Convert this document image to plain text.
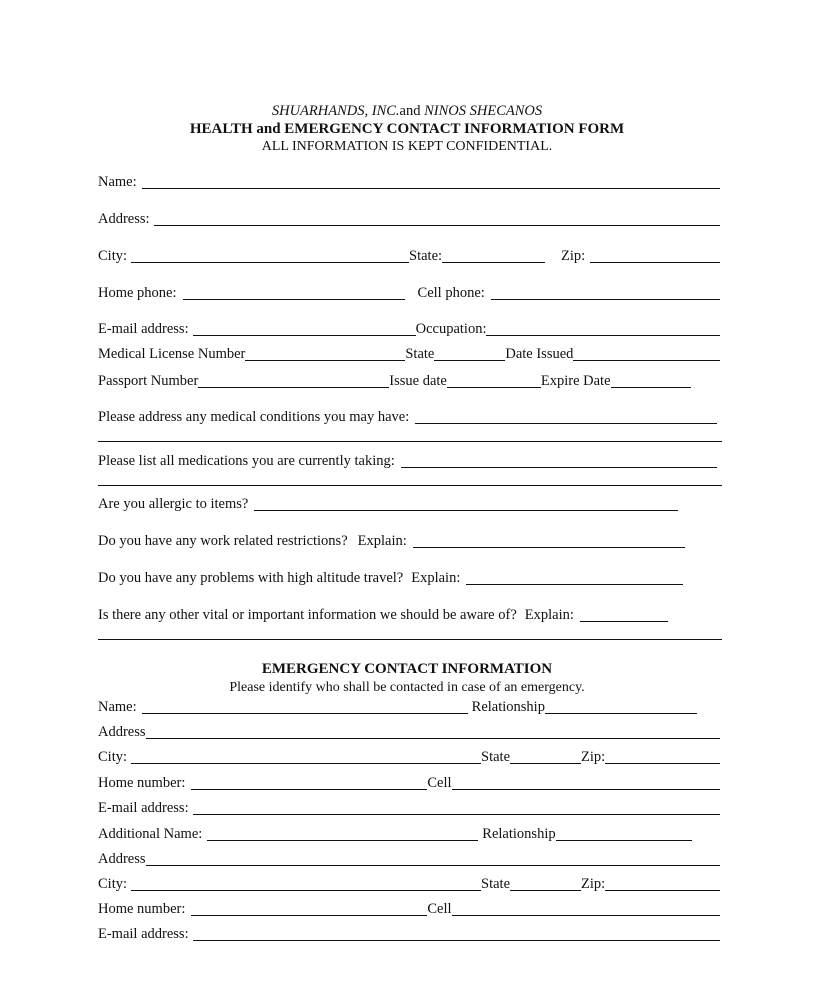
SHUARHANDS, INC.and NINOS SHECANOS
HEALTH and EMERGENCY CONTACT INFORMATION FORM
ALL INFORMATION IS KEPT CONFIDENTIAL.
Name:
Address:
City:	State:	Zip:
Home phone:	Cell phone:
E-mail address:	Occupation:
Medical License Number	State	Date Issued
Passport Number	Issue date	Expire Date
Please address any medical conditions you may have:
Please list all medications you are currently taking:
Are you allergic to items?
Do you have any work related restrictions? Explain:
Do you have any problems with high altitude travel? Explain:
Is there any other vital or important information we should be aware of? Explain:
EMERGENCY CONTACT INFORMATION
Please identify who shall be contacted in case of an emergency.
Name:	Relationship
Address
City:	State	Zip:
Home number:	Cell
E-mail address:
Additional Name:	Relationship
Address
City:	State	Zip:
Home number:	Cell
E-mail address:
